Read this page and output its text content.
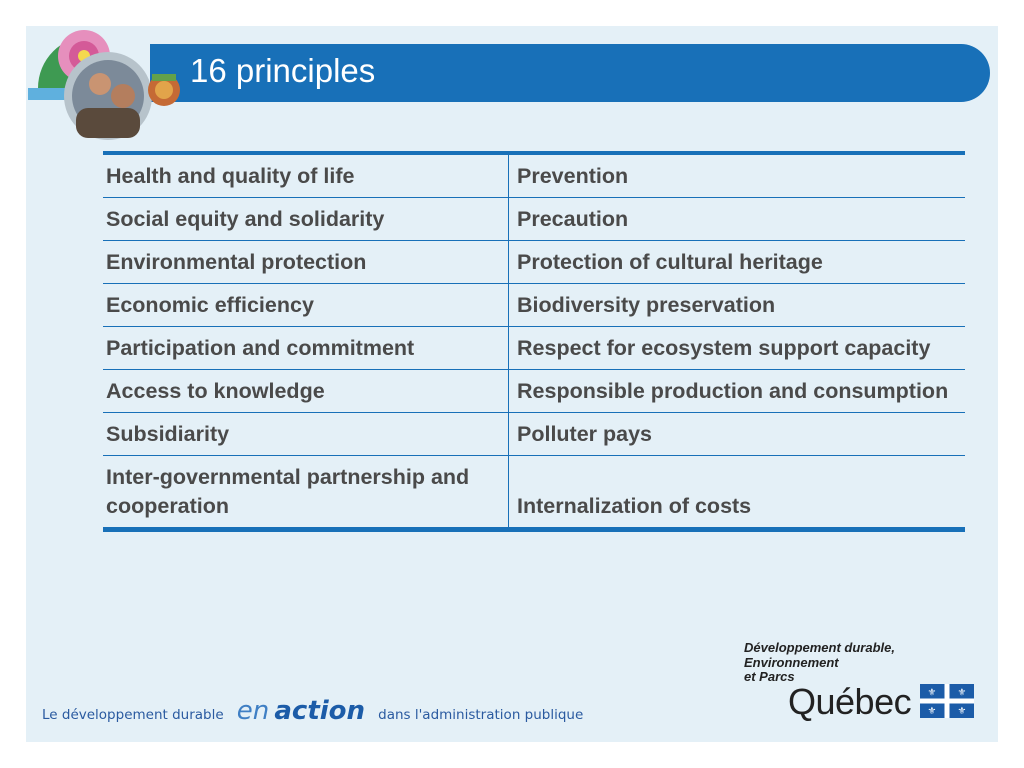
16 principles
Health and quality of life	Prevention
Social equity and solidarity	Precaution
Environmental protection	Protection of cultural heritage
Economic efficiency	Biodiversity preservation
Participation and commitment	Respect for ecosystem support capacity
Access to knowledge	Responsible production and consumption
Subsidiarity	Polluter pays
Inter-governmental partnership and cooperation	Internalization of costs
Le développement durable en action dans l'administration publique
Développement durable,
Environnement
et Parcs
Québec ⚜ ⚜
⚜ ⚜
